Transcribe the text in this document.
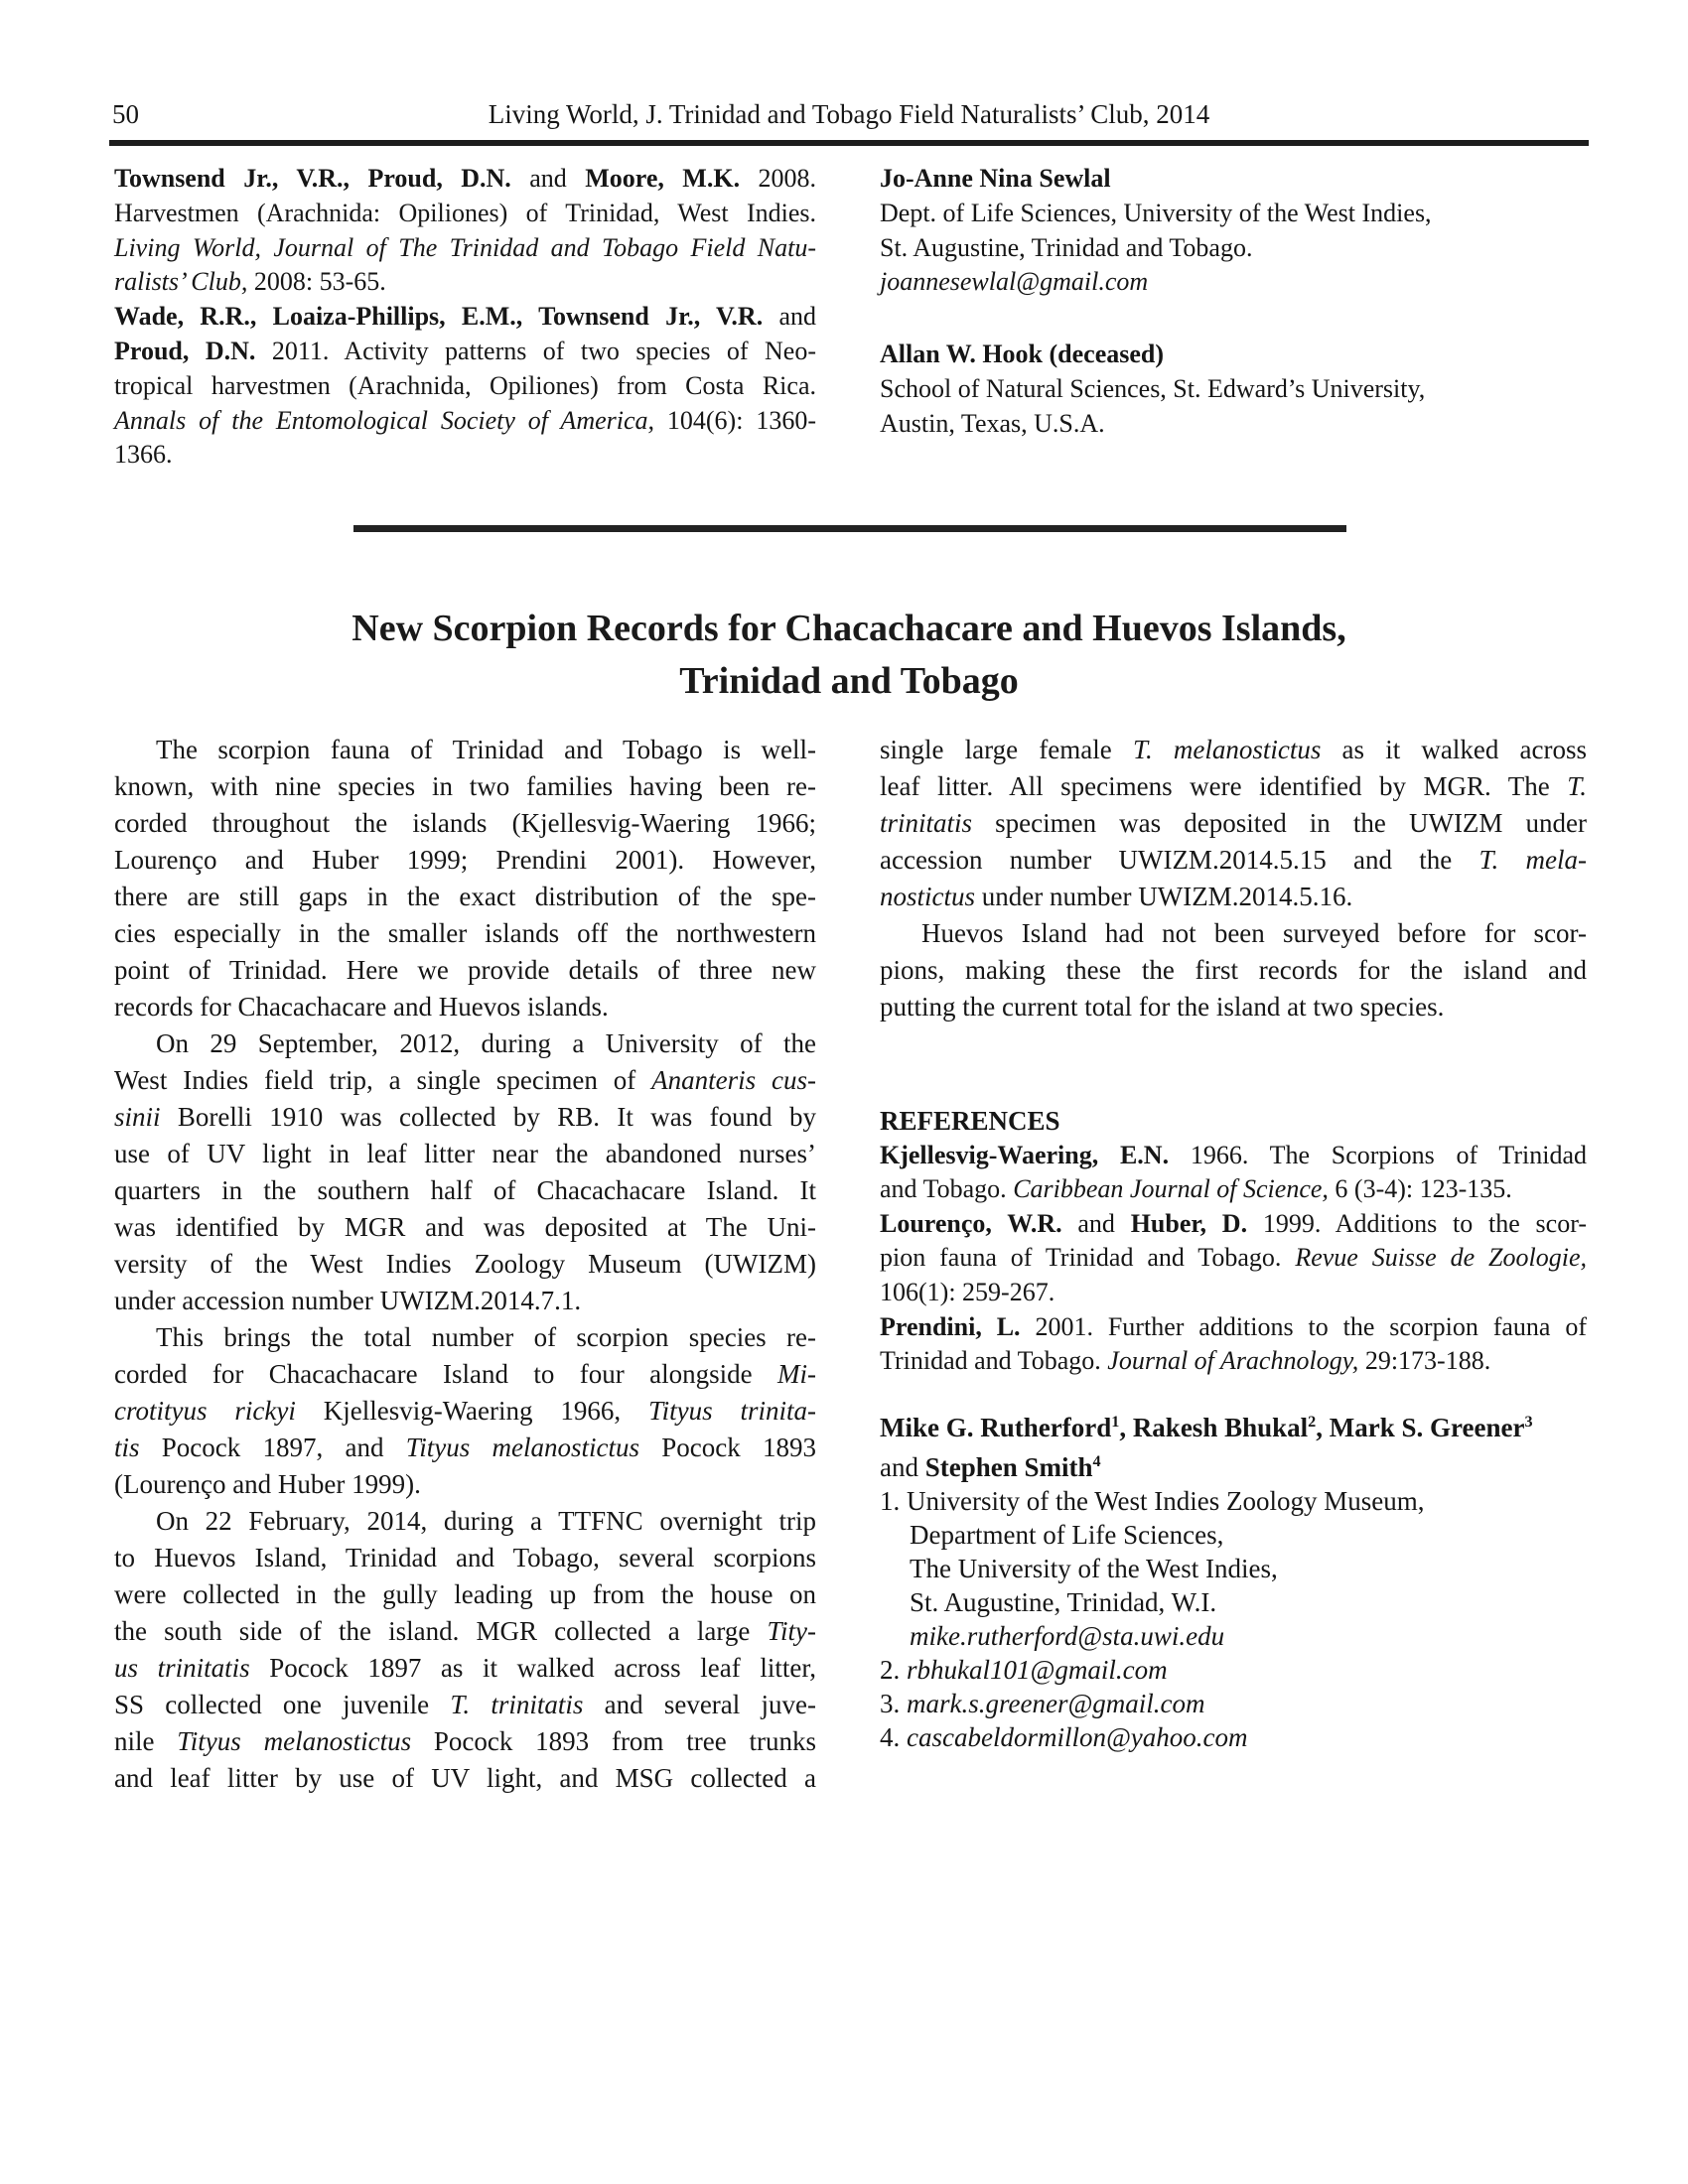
50	Living World, J. Trinidad and Tobago Field Naturalists’ Club, 2014
Townsend Jr., V.R., Proud, D.N. and Moore, M.K. 2008.
Harvestmen (Arachnida: Opiliones) of Trinidad, West Indies.
Living World, Journal of The Trinidad and Tobago Field Natu-
ralists’ Club, 2008: 53-65.
Wade, R.R., Loaiza-Phillips, E.M., Townsend Jr., V.R. and
Proud, D.N. 2011. Activity patterns of two species of Neo-
tropical harvestmen (Arachnida, Opiliones) from Costa Rica.
Annals of the Entomological Society of America, 104(6): 1360-
1366.
Jo-Anne Nina Sewlal
Dept. of Life Sciences, University of the West Indies,
St. Augustine, Trinidad and Tobago.
joannesewlal@gmail.com

Allan W. Hook (deceased)
School of Natural Sciences, St. Edward’s University,
Austin, Texas, U.S.A.
New Scorpion Records for Chacachacare and Huevos Islands,
Trinidad and Tobago
The scorpion fauna of Trinidad and Tobago is well-
known, with nine species in two families having been re-
corded throughout the islands (Kjellesvig-Waering 1966;
Lourenço and Huber 1999; Prendini 2001). However,
there are still gaps in the exact distribution of the spe-
cies especially in the smaller islands off the northwestern
point of Trinidad. Here we provide details of three new
records for Chacachacare and Huevos islands.
On 29 September, 2012, during a University of the
West Indies field trip, a single specimen of Ananteris cus-
sinii Borelli 1910 was collected by RB. It was found by
use of UV light in leaf litter near the abandoned nurses’
quarters in the southern half of Chacachacare Island. It
was identified by MGR and was deposited at The Uni-
versity of the West Indies Zoology Museum (UWIZM)
under accession number UWIZM.2014.7.1.
This brings the total number of scorpion species re-
corded for Chacachacare Island to four alongside Mi-
crotityus rickyi Kjellesvig-Waering 1966, Tityus trinita-
tis Pocock 1897, and Tityus melanostictus Pocock 1893
(Lourenço and Huber 1999).
On 22 February, 2014, during a TTFNC overnight trip
to Huevos Island, Trinidad and Tobago, several scorpions
were collected in the gully leading up from the house on
the south side of the island. MGR collected a large Tity-
us trinitatis Pocock 1897 as it walked across leaf litter,
SS collected one juvenile T. trinitatis and several juve-
nile Tityus melanostictus Pocock 1893 from tree trunks
and leaf litter by use of UV light, and MSG collected a
single large female T. melanostictus as it walked across
leaf litter. All specimens were identified by MGR. The T.
trinitatis specimen was deposited in the UWIZM under
accession number UWIZM.2014.5.15 and the T. mela-
nostictus under number UWIZM.2014.5.16.
Huevos Island had not been surveyed before for scor-
pions, making these the first records for the island and
putting the current total for the island at two species.
REFERENCES
Kjellesvig-Waering, E.N. 1966. The Scorpions of Trinidad
and Tobago. Caribbean Journal of Science, 6 (3-4): 123-135.
Lourenço, W.R. and Huber, D. 1999. Additions to the scor-
pion fauna of Trinidad and Tobago. Revue Suisse de Zoologie,
106(1): 259-267.
Prendini, L. 2001. Further additions to the scorpion fauna of
Trinidad and Tobago. Journal of Arachnology, 29:173-188.
Mike G. Rutherford$^1$, Rakesh Bhukal$^2$, Mark S. Greener$^3$
and Stephen Smith$^4$
1. University of the West Indies Zoology Museum,
Department of Life Sciences,
The University of the West Indies,
St. Augustine, Trinidad, W.I.
mike.rutherford@sta.uwi.edu
2. rbhukal101@gmail.com
3. mark.s.greener@gmail.com
4. cascabeldormillon@yahoo.com
